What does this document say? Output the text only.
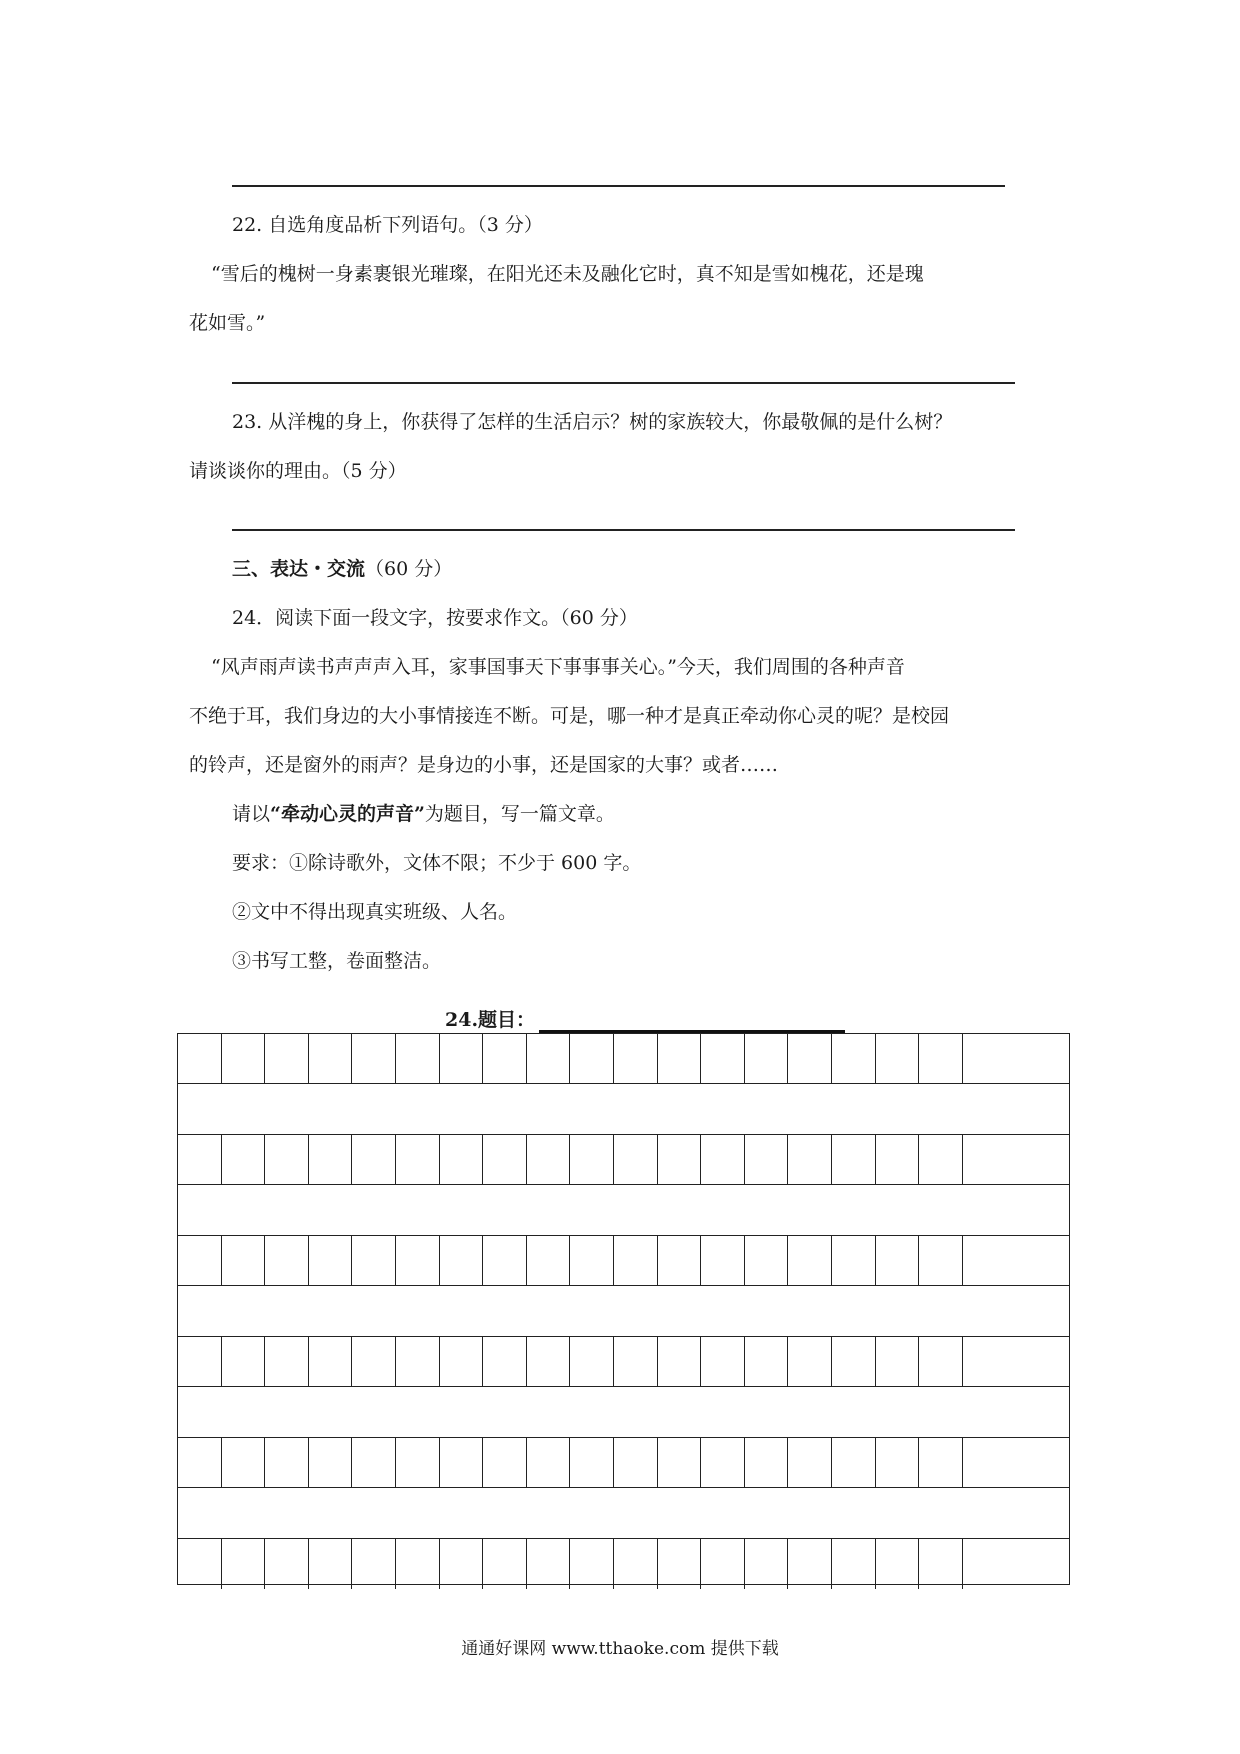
22. 自选角度品析下列语句。（3 分）
“雪后的槐树一身素裹银光璀璨，在阳光还未及融化它时，真不知是雪如槐花，还是瑰
花如雪。”
23. 从洋槐的身上，你获得了怎样的生活启示？树的家族较大，你最敬佩的是什么树？
请谈谈你的理由。（5 分）
三、表达・交流（60 分）
24．阅读下面一段文字，按要求作文。（60 分）
“风声雨声读书声声声入耳，家事国事天下事事事关心。”今天，我们周围的各种声音
不绝于耳，我们身边的大小事情接连不断。可是，哪一种才是真正牵动你心灵的呢？是校园
的铃声，还是窗外的雨声？是身边的小事，还是国家的大事？或者……
请以“牵动心灵的声音”为题目，写一篇文章。
要求：①除诗歌外，文体不限；不少于 600 字。
②文中不得出现真实班级、人名。
③书写工整，卷面整洁。
24.题目：
通通好课网 www.tthaoke.com 提供下载
